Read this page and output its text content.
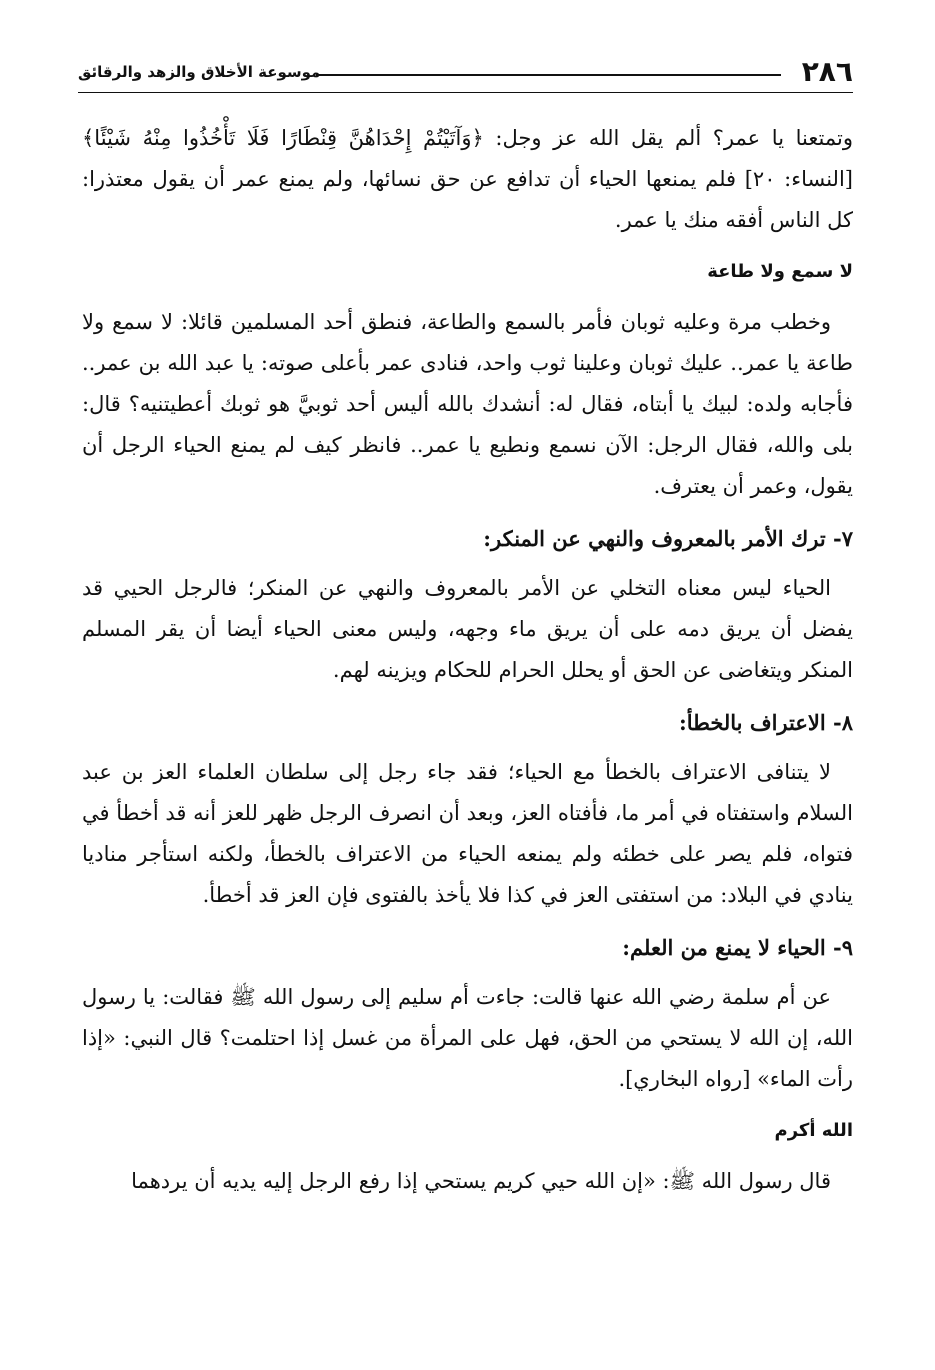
٢٨٦
موسوعة الأخلاق والزهد والرقائق

وتمتعنا يا عمر؟ ألم يقل الله عز وجل: ﴿وَآتَيْتُمْ إِحْدَاهُنَّ قِنْطَارًا فَلَا تَأْخُذُوا مِنْهُ شَيْئًا﴾ [النساء: ٢٠] فلم يمنعها الحياء أن تدافع عن حق نسائها، ولم يمنع عمر أن يقول معتذرا: كل الناس أفقه منك يا عمر.

لا سمع ولا طاعة

وخطب مرة وعليه ثوبان فأمر بالسمع والطاعة، فنطق أحد المسلمين قائلا: لا سمع ولا طاعة يا عمر.. عليك ثوبان وعلينا ثوب واحد، فنادى عمر بأعلى صوته: يا عبد الله بن عمر.. فأجابه ولده: لبيك يا أبتاه، فقال له: أنشدك بالله أليس أحد ثوبيَّ هو ثوبك أعطيتنيه؟ قال: بلى والله، فقال الرجل: الآن نسمع ونطيع يا عمر.. فانظر كيف لم يمنع الحياء الرجل أن يقول، وعمر أن يعترف.

٧- ترك الأمر بالمعروف والنهي عن المنكر:

الحياء ليس معناه التخلي عن الأمر بالمعروف والنهي عن المنكر؛ فالرجل الحيي قد يفضل أن يريق دمه على أن يريق ماء وجهه، وليس معنى الحياء أيضا أن يقر المسلم المنكر ويتغاضى عن الحق أو يحلل الحرام للحكام ويزينه لهم.

٨- الاعتراف بالخطأ:

لا يتنافى الاعتراف بالخطأ مع الحياء؛ فقد جاء رجل إلى سلطان العلماء العز بن عبد السلام واستفتاه في أمر ما، فأفتاه العز، وبعد أن انصرف الرجل ظهر للعز أنه قد أخطأ في فتواه، فلم يصر على خطئه ولم يمنعه الحياء من الاعتراف بالخطأ، ولكنه استأجر مناديا ينادي في البلاد: من استفتى العز في كذا فلا يأخذ بالفتوى فإن العز قد أخطأ.

٩- الحياء لا يمنع من العلم:

عن أم سلمة رضي الله عنها قالت: جاءت أم سليم إلى رسول الله ﷺ فقالت: يا رسول الله، إن الله لا يستحي من الحق، فهل على المرأة من غسل إذا احتلمت؟ قال النبي: «إذا رأت الماء» [رواه البخاري].

الله أكرم

قال رسول الله ﷺ: «إن الله حيي كريم يستحي إذا رفع الرجل إليه يديه أن يردهما
